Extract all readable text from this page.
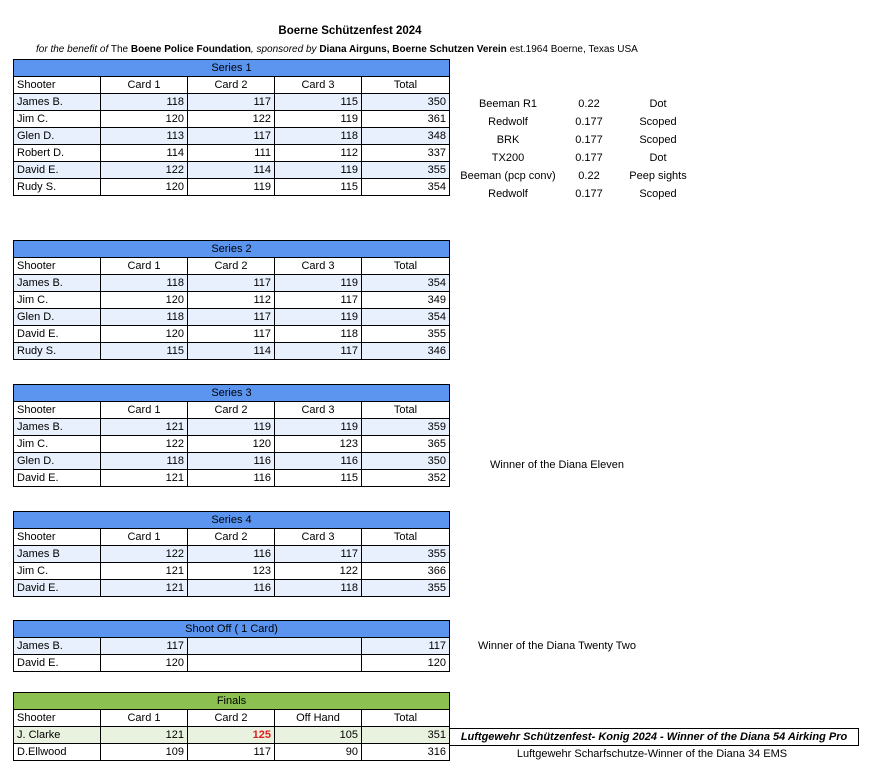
Boerne Schützenfest 2024
for the benefit of The Boene Police Foundation, sponsored by Diana Airguns, Boerne Schutzen Verein est.1964 Boerne, Texas USA
Series 1				
Shooter	Card 1	Card 2	Card 3	Total
James B.	118	117	115	350
Jim C.	120	122	119	361
Glen D.	113	117	118	348
Robert D.	114	111	112	337
David E.	122	114	119	355
Rudy S.	120	119	115	354
Beeman R1	0.22	Dot
Redwolf	0.177	Scoped
BRK	0.177	Scoped
TX200	0.177	Dot
Beeman (pcp conv)	0.22	Peep sights
Redwolf	0.177	Scoped
Series 2				
Shooter	Card 1	Card 2	Card 3	Total
James B.	118	117	119	354
Jim C.	120	112	117	349
Glen D.	118	117	119	354
David E.	120	117	118	355
Rudy S.	115	114	117	346
Series 3				
Shooter	Card 1	Card 2	Card 3	Total
James B.	121	119	119	359
Jim C.	122	120	123	365
Glen D.	118	116	116	350
David E.	121	116	115	352
Winner of the Diana Eleven
Series 4				
Shooter	Card 1	Card 2	Card 3	Total
James B	122	116	117	355
Jim C.	121	123	122	366
David E.	121	116	118	355
Shoot Off ( 1 Card)			
James B.	117		117
David E.	120		120
Winner of the Diana Twenty Two
Finals				
Shooter	Card 1	Card 2	Off Hand	Total
J. Clarke	121	125	105	351
D.Ellwood	109	117	90	316
Luftgewehr Schützenfest- Konig 2024 - Winner of the Diana 54 Airking Pro
Luftgewehr Scharfschutze-Winner of the Diana 34 EMS
